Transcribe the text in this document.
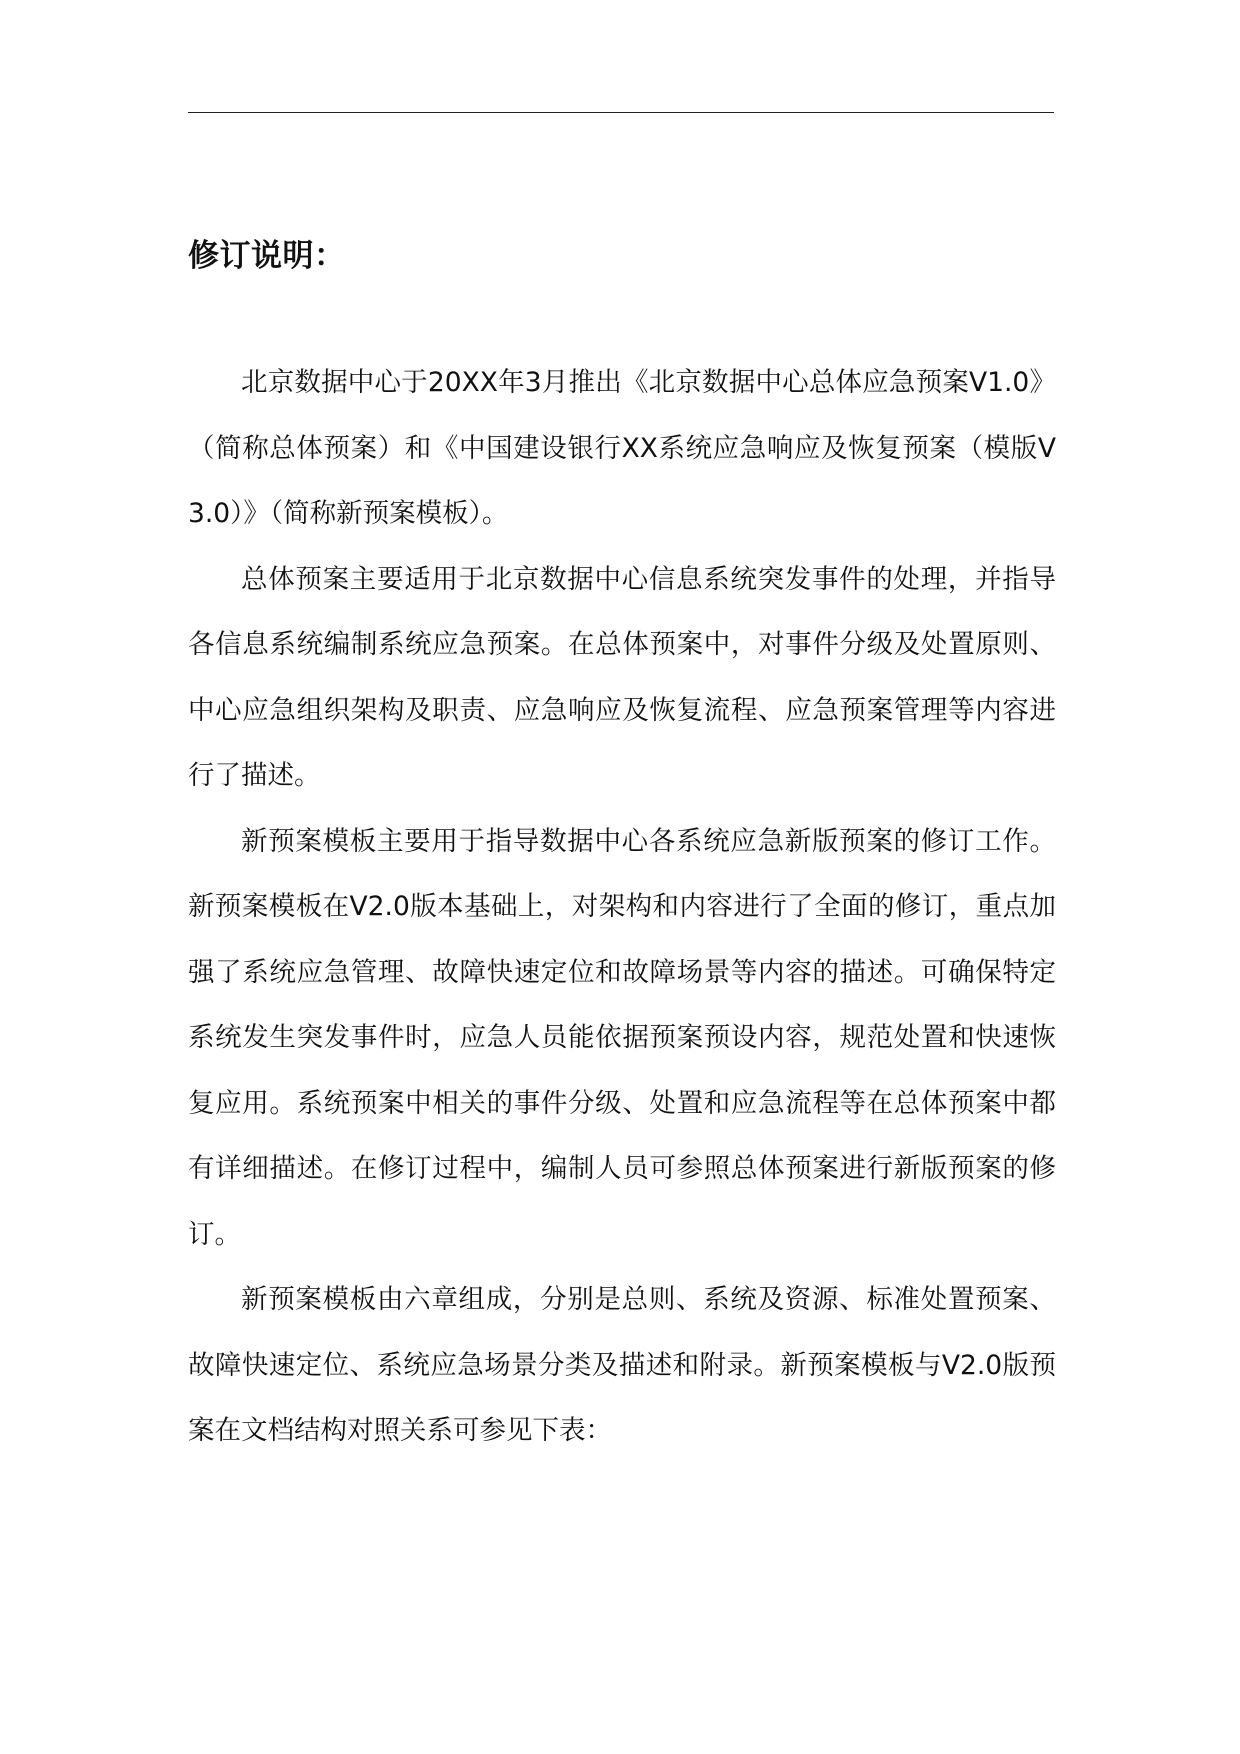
修订说明：

北京数据中心于20XX年3月推出《北京数据中心总体应急预案V1.0》（简称总体预案）和《中国建设银行XX系统应急响应及恢复预案（模版V3.0）》（简称新预案模板）。

总体预案主要适用于北京数据中心信息系统突发事件的处理，并指导各信息系统编制系统应急预案。在总体预案中，对事件分级及处置原则、中心应急组织架构及职责、应急响应及恢复流程、应急预案管理等内容进行了描述。

新预案模板主要用于指导数据中心各系统应急新版预案的修订工作。新预案模板在V2.0版本基础上，对架构和内容进行了全面的修订，重点加强了系统应急管理、故障快速定位和故障场景等内容的描述。可确保特定系统发生突发事件时，应急人员能依据预案预设内容，规范处置和快速恢复应用。系统预案中相关的事件分级、处置和应急流程等在总体预案中都有详细描述。在修订过程中，编制人员可参照总体预案进行新版预案的修订。

新预案模板由六章组成，分别是总则、系统及资源、标准处置预案、故障快速定位、系统应急场景分类及描述和附录。新预案模板与V2.0版预案在文档结构对照关系可参见下表：
